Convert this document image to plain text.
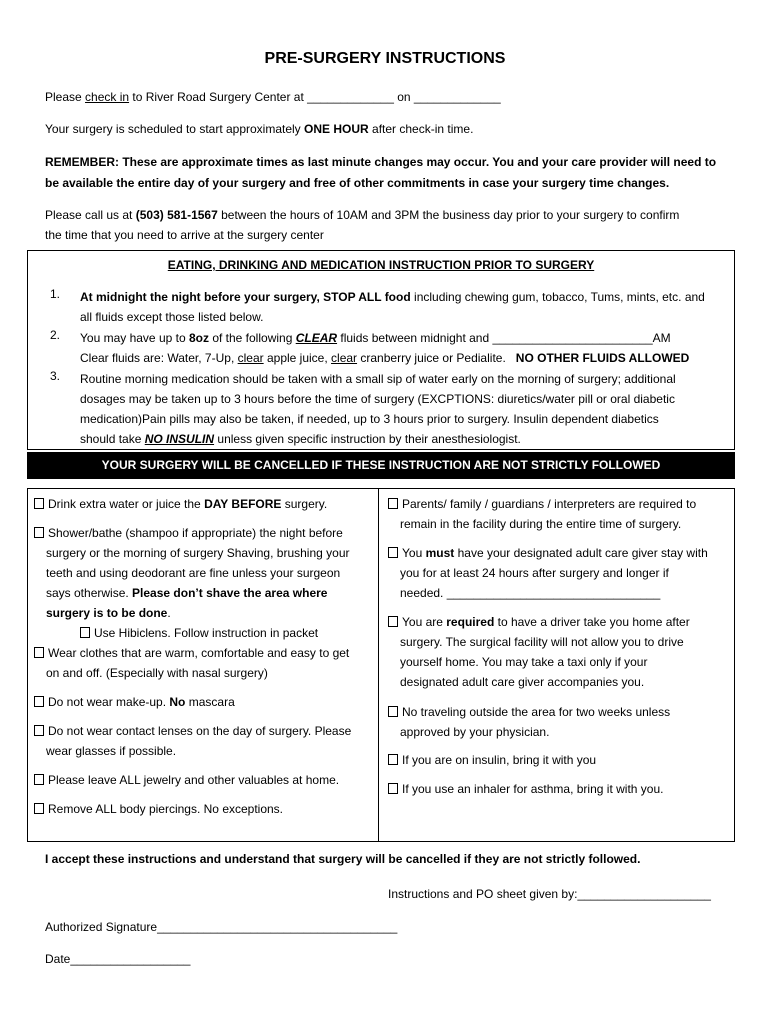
PRE-SURGERY INSTRUCTIONS
Please check in to River Road Surgery Center at _____________ on _____________
Your surgery is scheduled to start approximately ONE HOUR after check-in time.
REMEMBER: These are approximate times as last minute changes may occur. You and your care provider will need to
be available the entire day of your surgery and free of other commitments in case your surgery time changes.
Please call us at (503) 581-1567 between the hours of 10AM and 3PM the business day prior to your surgery to confirm
the time that you need to arrive at the surgery center
EATING, DRINKING AND MEDICATION INSTRUCTION PRIOR TO SURGERY
1.	At midnight the night before your surgery, STOP ALL food including chewing gum, tobacco, Tums, mints, etc. and
all fluids except those listed below.
2.	You may have up to 8oz of the following CLEAR fluids between midnight and ________________________AM
Clear fluids are: Water, 7-Up, clear apple juice, clear cranberry juice or Pedialite.   NO OTHER FLUIDS ALLOWED
3.	Routine morning medication should be taken with a small sip of water early on the morning of surgery; additional
dosages may be taken up to 3 hours before the time of surgery (EXCPTIONS: diuretics/water pill or oral diabetic
medication)Pain pills may also be taken, if needed, up to 3 hours prior to surgery. Insulin dependent diabetics
should take NO INSULIN unless given specific instruction by their anesthesiologist.
YOUR SURGERY WILL BE CANCELLED IF THESE INSTRUCTION ARE NOT STRICTLY FOLLOWED
Drink extra water or juice the DAY BEFORE surgery.
Shower/bathe (shampoo if appropriate) the night before
surgery or the morning of surgery Shaving, brushing your
teeth and using deodorant are fine unless your surgeon
says otherwise. Please don’t shave the area where
surgery is to be done.
Use Hibiclens. Follow instruction in packet
Wear clothes that are warm, comfortable and easy to get
on and off. (Especially with nasal surgery)
Do not wear make-up. No mascara
Do not wear contact lenses on the day of surgery. Please
wear glasses if possible.
Please leave ALL jewelry and other valuables at home.
Remove ALL body piercings. No exceptions.
Parents/ family / guardians / interpreters are required to
remain in the facility during the entire time of surgery.
You must have your designated adult care giver stay with
you for at least 24 hours after surgery and longer if
needed. ________________________________
You are required to have a driver take you home after
surgery. The surgical facility will not allow you to drive
yourself home. You may take a taxi only if your
designated adult care giver accompanies you.
No traveling outside the area for two weeks unless
approved by your physician.
If you are on insulin, bring it with you
If you use an inhaler for asthma, bring it with you.
I accept these instructions and understand that surgery will be cancelled if they are not strictly followed.
Instructions and PO sheet given by:____________________
Authorized Signature____________________________________
Date__________________
